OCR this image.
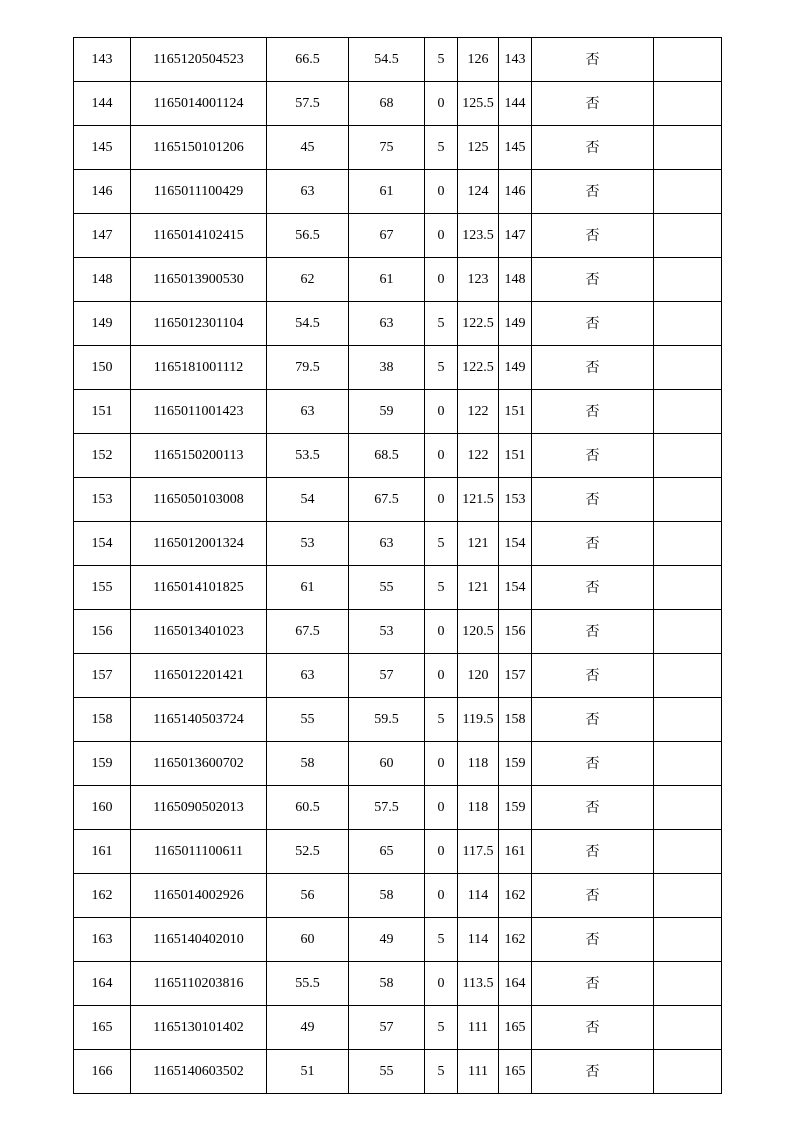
143	1165120504523	66.5	54.5	5	126	143	否	
144	1165014001124	57.5	68	0	125.5	144	否	
145	1165150101206	45	75	5	125	145	否	
146	1165011100429	63	61	0	124	146	否	
147	1165014102415	56.5	67	0	123.5	147	否	
148	1165013900530	62	61	0	123	148	否	
149	1165012301104	54.5	63	5	122.5	149	否	
150	1165181001112	79.5	38	5	122.5	149	否	
151	1165011001423	63	59	0	122	151	否	
152	1165150200113	53.5	68.5	0	122	151	否	
153	1165050103008	54	67.5	0	121.5	153	否	
154	1165012001324	53	63	5	121	154	否	
155	1165014101825	61	55	5	121	154	否	
156	1165013401023	67.5	53	0	120.5	156	否	
157	1165012201421	63	57	0	120	157	否	
158	1165140503724	55	59.5	5	119.5	158	否	
159	1165013600702	58	60	0	118	159	否	
160	1165090502013	60.5	57.5	0	118	159	否	
161	1165011100611	52.5	65	0	117.5	161	否	
162	1165014002926	56	58	0	114	162	否	
163	1165140402010	60	49	5	114	162	否	
164	1165110203816	55.5	58	0	113.5	164	否	
165	1165130101402	49	57	5	111	165	否	
166	1165140603502	51	55	5	111	165	否	
